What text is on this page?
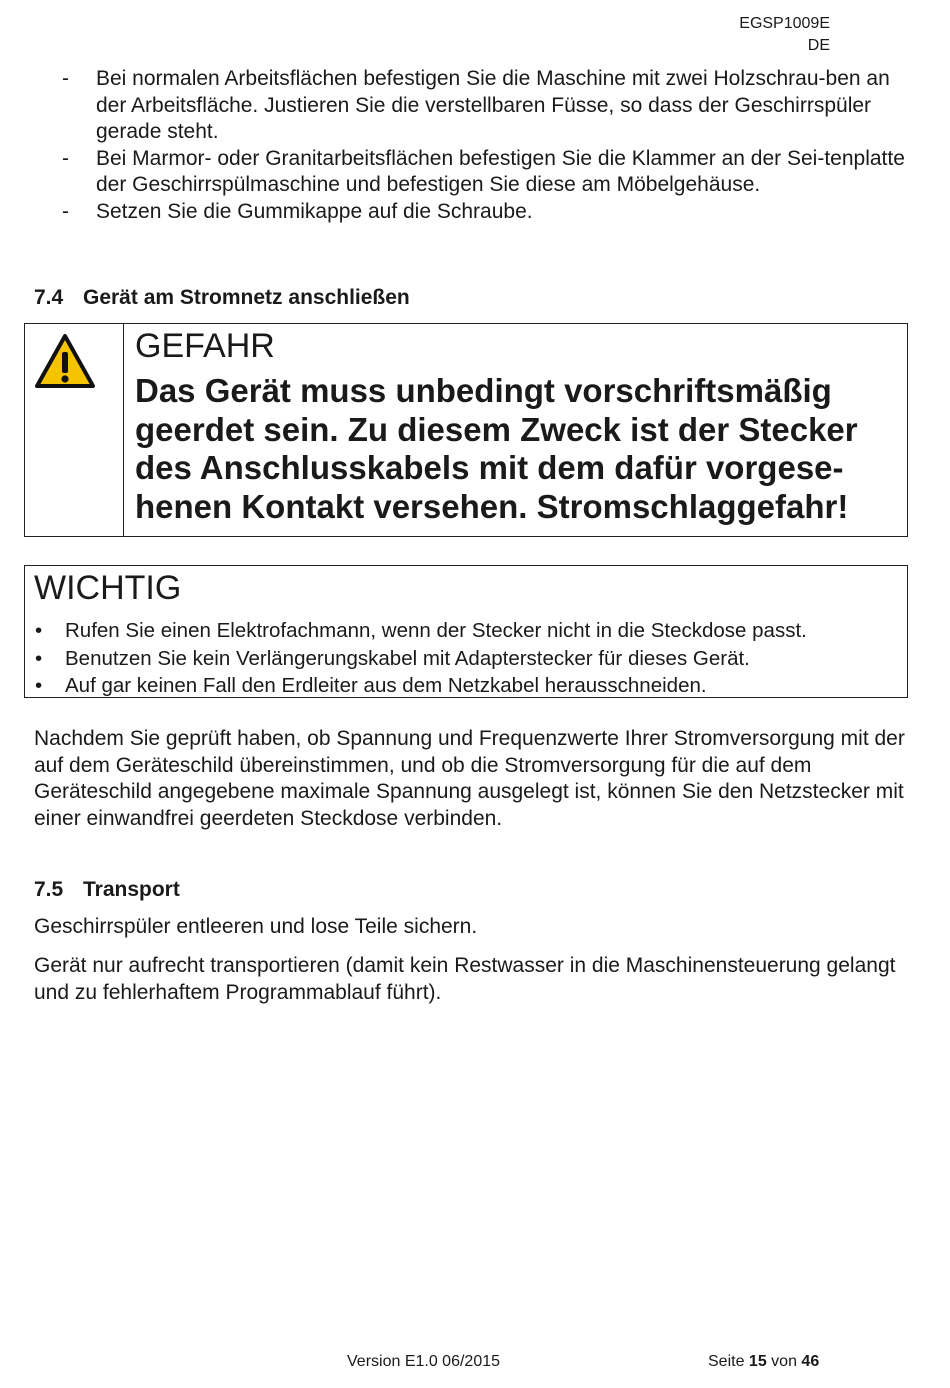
EGSP1009E
DE
- Bei normalen Arbeitsflächen befestigen Sie die Maschine mit zwei Holzschrau-ben an der Arbeitsfläche. Justieren Sie die verstellbaren Füsse, so dass der Geschirrspüler gerade steht.
- Bei Marmor- oder Granitarbeitsflächen befestigen Sie die Klammer an der Sei-tenplatte der Geschirrspülmaschine und befestigen Sie diese am Möbelgehäuse.
- Setzen Sie die Gummikappe auf die Schraube.
7.4 Gerät am Stromnetz anschließen
GEFAHR
Das Gerät muss unbedingt vorschriftsmäßig geerdet sein. Zu diesem Zweck ist der Stecker des Anschlusskabels mit dem dafür vorgese-henen Kontakt versehen. Stromschlaggefahr!
WICHTIG
• Rufen Sie einen Elektrofachmann, wenn der Stecker nicht in die Steckdose passt.
• Benutzen Sie kein Verlängerungskabel mit Adapterstecker für dieses Gerät.
• Auf gar keinen Fall den Erdleiter aus dem Netzkabel herausschneiden.
Nachdem Sie geprüft haben, ob Spannung und Frequenzwerte Ihrer Stromversorgung mit der auf dem Geräteschild übereinstimmen, und ob die Stromversorgung für die auf dem Geräteschild angegebene maximale Spannung ausgelegt ist, können Sie den Netzstecker mit einer einwandfrei geerdeten Steckdose verbinden.
7.5 Transport
Geschirrspüler entleeren und lose Teile sichern.
Gerät nur aufrecht transportieren (damit kein Restwasser in die Maschinensteuerung gelangt und zu fehlerhaftem Programmablauf führt).
Version E1.0 06/2015	Seite 15 von 46
